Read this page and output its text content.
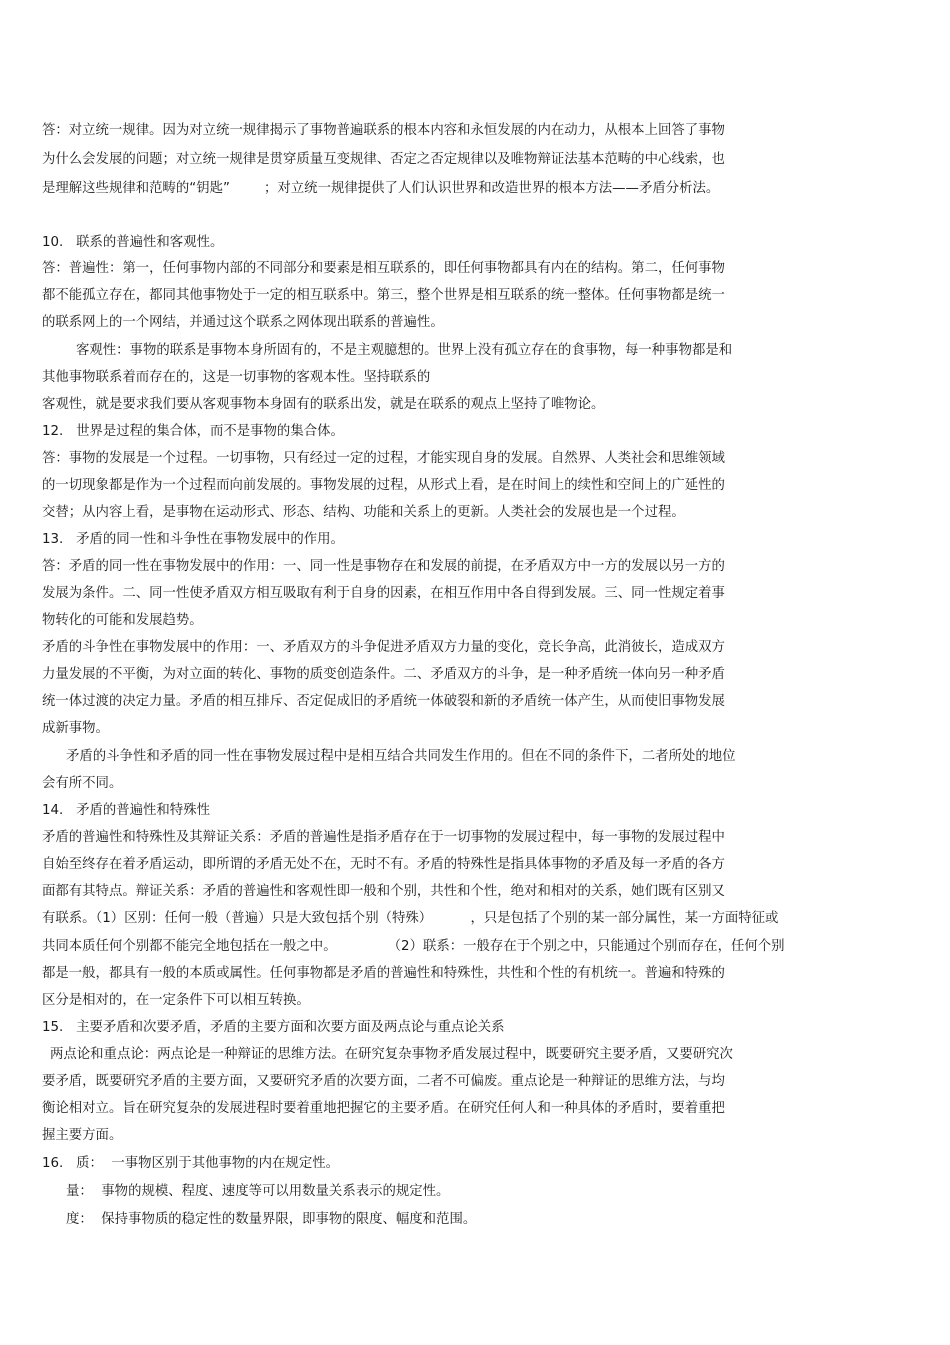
答：对立统一规律。因为对立统一规律揭示了事物普遍联系的根本内容和永恒发展的内在动力，从根本上回答了事物
为什么会发展的问题；对立统一规律是贯穿质量互变规律、否定之否定规律以及唯物辩证法基本范畴的中心线索，也
是理解这些规律和范畴的“钥匙”        ；对立统一规律提供了人们认识世界和改造世界的根本方法——矛盾分析法。
10.   联系的普遍性和客观性。
答：普遍性：第一，任何事物内部的不同部分和要素是相互联系的，即任何事物都具有内在的结构。第二，任何事物
都不能孤立存在，都同其他事物处于一定的相互联系中。第三，整个世界是相互联系的统一整体。任何事物都是统一
的联系网上的一个网结，并通过这个联系之网体现出联系的普遍性。
客观性：事物的联系是事物本身所固有的，不是主观臆想的。世界上没有孤立存在的食事物，每一种事物都是和
其他事物联系着而存在的，这是一切事物的客观本性。坚持联系的
客观性，就是要求我们要从客观事物本身固有的联系出发，就是在联系的观点上坚持了唯物论。
12.   世界是过程的集合体，而不是事物的集合体。
答：事物的发展是一个过程。一切事物，只有经过一定的过程，才能实现自身的发展。自然界、人类社会和思维领域
的一切现象都是作为一个过程而向前发展的。事物发展的过程，从形式上看，是在时间上的续性和空间上的广延性的
交替；从内容上看，是事物在运动形式、形态、结构、功能和关系上的更新。人类社会的发展也是一个过程。
13.   矛盾的同一性和斗争性在事物发展中的作用。
答：矛盾的同一性在事物发展中的作用：一、同一性是事物存在和发展的前提，在矛盾双方中一方的发展以另一方的
发展为条件。二、同一性使矛盾双方相互吸取有利于自身的因素，在相互作用中各自得到发展。三、同一性规定着事
物转化的可能和发展趋势。
矛盾的斗争性在事物发展中的作用：一、矛盾双方的斗争促进矛盾双方力量的变化，竞长争高，此消彼长，造成双方
力量发展的不平衡，为对立面的转化、事物的质变创造条件。二、矛盾双方的斗争，是一种矛盾统一体向另一种矛盾
统一体过渡的决定力量。矛盾的相互排斥、否定促成旧的矛盾统一体破裂和新的矛盾统一体产生，从而使旧事物发展
成新事物。
矛盾的斗争性和矛盾的同一性在事物发展过程中是相互结合共同发生作用的。但在不同的条件下，二者所处的地位
会有所不同。
14.   矛盾的普遍性和特殊性
矛盾的普遍性和特殊性及其辩证关系：矛盾的普遍性是指矛盾存在于一切事物的发展过程中，每一事物的发展过程中
自始至终存在着矛盾运动，即所谓的矛盾无处不在，无时不有。矛盾的特殊性是指具体事物的矛盾及每一矛盾的各方
面都有其特点。辩证关系：矛盾的普遍性和客观性即一般和个别，共性和个性，绝对和相对的关系，她们既有区别又
有联系。（1）区别：任何一般（普遍）只是大致包括个别（特殊）         ，只是包括了个别的某一部分属性，某一方面特征或
共同本质任何个别都不能完全地包括在一般之中。            （2）联系：一般存在于个别之中，只能通过个别而存在，任何个别
都是一般，都具有一般的本质或属性。任何事物都是矛盾的普遍性和特殊性，共性和个性的有机统一。普遍和特殊的
区分是相对的，在一定条件下可以相互转换。
15.   主要矛盾和次要矛盾，矛盾的主要方面和次要方面及两点论与重点论关系
两点论和重点论：两点论是一种辩证的思维方法。在研究复杂事物矛盾发展过程中，既要研究主要矛盾，又要研究次
要矛盾，既要研究矛盾的主要方面，又要研究矛盾的次要方面，二者不可偏废。重点论是一种辩证的思维方法，与均
衡论相对立。旨在研究复杂的发展进程时要着重地把握它的主要矛盾。在研究任何人和一种具体的矛盾时，要着重把
握主要方面。
16.   质：  一事物区别于其他事物的内在规定性。
量：  事物的规模、程度、速度等可以用数量关系表示的规定性。
度：  保持事物质的稳定性的数量界限，即事物的限度、幅度和范围。
